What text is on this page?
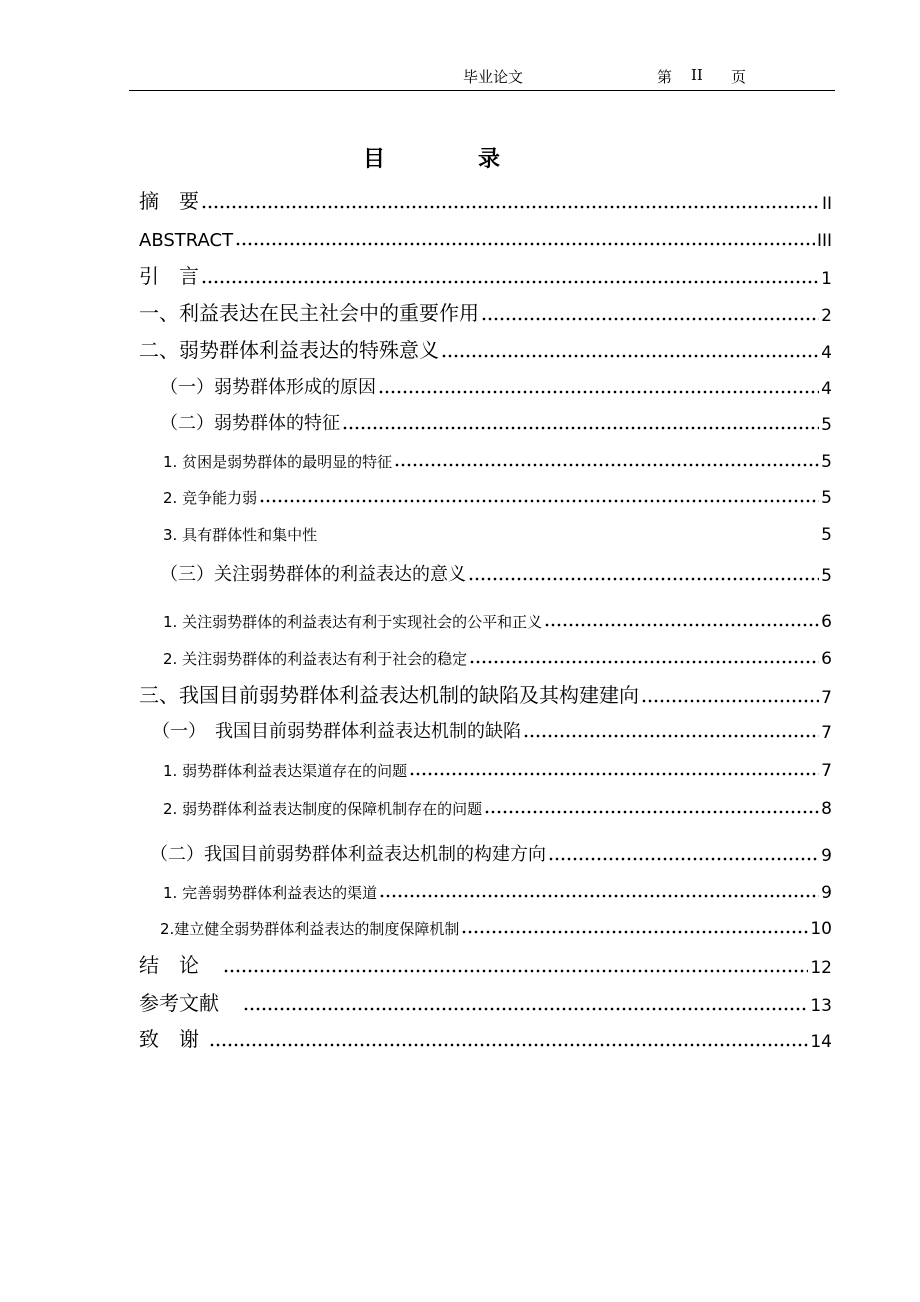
毕业论文	第 II 页
目	录
摘　要	II
ABSTRACT	III
引　言	1
一、利益表达在民主社会中的重要作用	2
二、弱势群体利益表达的特殊意义	4
（一）弱势群体形成的原因	4
（二）弱势群体的特征	5
1. 贫困是弱势群体的最明显的特征	5
2. 竞争能力弱	5
3. 具有群体性和集中性	5
（三）关注弱势群体的利益表达的意义	5
1. 关注弱势群体的利益表达有利于实现社会的公平和正义	6
2. 关注弱势群体的利益表达有利于社会的稳定	6
三、我国目前弱势群体利益表达机制的缺陷及其构建建向	7
（一）　我国目前弱势群体利益表达机制的缺陷	7
1. 弱势群体利益表达渠道存在的问题	7
2. 弱势群体利益表达制度的保障机制存在的问题	8
（二）我国目前弱势群体利益表达机制的构建方向	9
1. 完善弱势群体利益表达的渠道	9
2.建立健全弱势群体利益表达的制度保障机制	10
结　论	12
参考文献	13
致　谢	14
